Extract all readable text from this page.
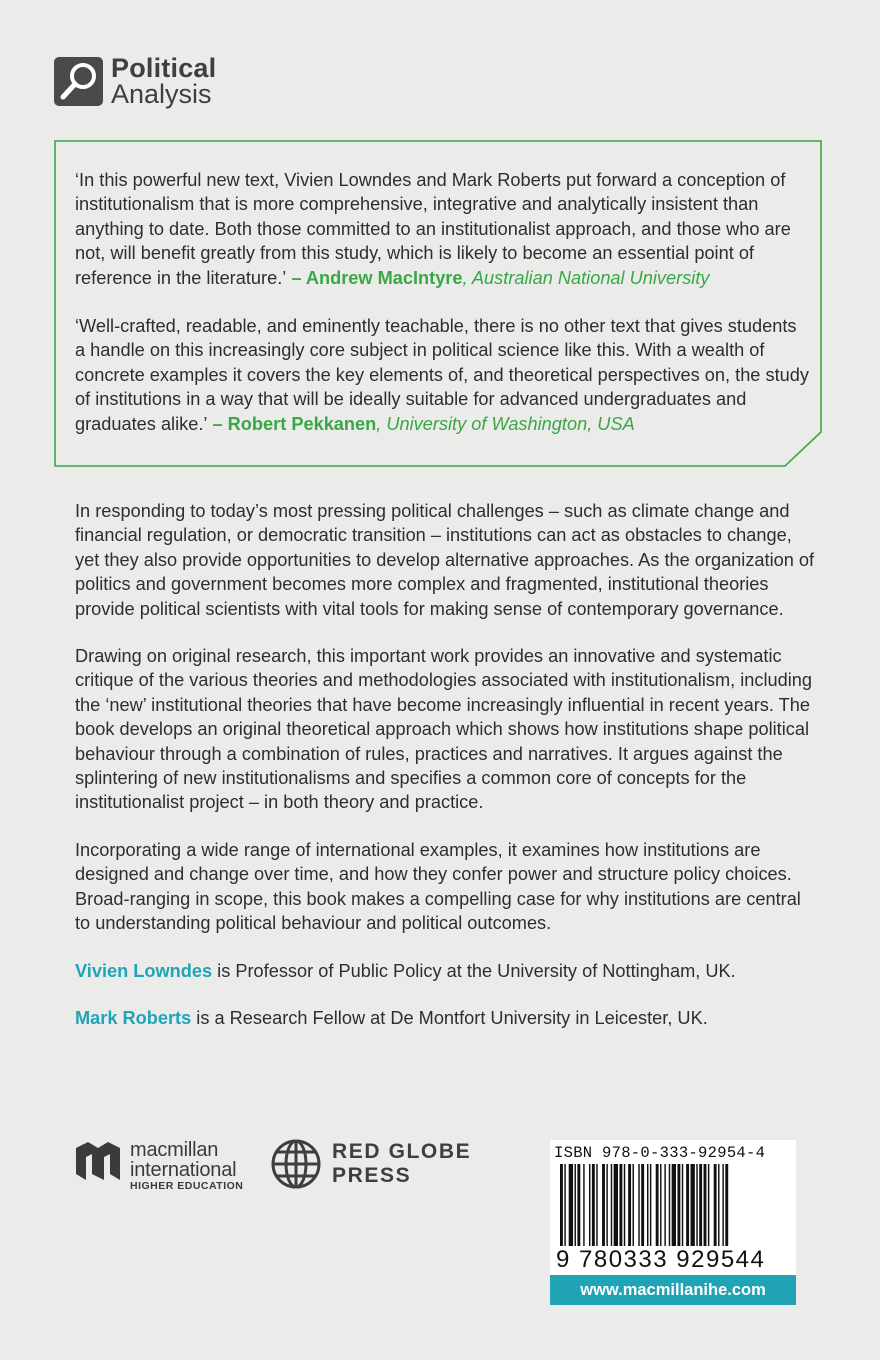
Political
Analysis

‘In this powerful new text, Vivien Lowndes and Mark Roberts put forward a conception of institutionalism that is more comprehensive, integrative and analytically insistent than anything to date. Both those committed to an institutionalist approach, and those who are not, will benefit greatly from this study, which is likely to become an essential point of reference in the literature.’ – Andrew MacIntyre, Australian National University

‘Well-crafted, readable, and eminently teachable, there is no other text that gives students a handle on this increasingly core subject in political science like this. With a wealth of concrete examples it covers the key elements of, and theoretical perspectives on, the study of institutions in a way that will be ideally suitable for advanced undergraduates and graduates alike.’ – Robert Pekkanen, University of Washington, USA

In responding to today’s most pressing political challenges – such as climate change and financial regulation, or democratic transition – institutions can act as obstacles to change, yet they also provide opportunities to develop alternative approaches. As the organization of politics and government becomes more complex and fragmented, institutional theories provide political scientists with vital tools for making sense of contemporary governance.

Drawing on original research, this important work provides an innovative and systematic critique of the various theories and methodologies associated with institutionalism, including the ‘new’ institutional theories that have become increasingly influential in recent years. The book develops an original theoretical approach which shows how institutions shape political behaviour through a combination of rules, practices and narratives. It argues against the splintering of new institutionalisms and specifies a common core of concepts for the institutionalist project – in both theory and practice.

Incorporating a wide range of international examples, it examines how institutions are designed and change over time, and how they confer power and structure policy choices. Broad-ranging in scope, this book makes a compelling case for why institutions are central to understanding political behaviour and political outcomes.

Vivien Lowndes is Professor of Public Policy at the University of Nottingham, UK.

Mark Roberts is a Research Fellow at De Montfort University in Leicester, UK.

macmillan
international
HIGHER EDUCATION
RED GLOBE
PRESS
ISBN 978-0-333-92954-4
9 780333 929544
www.macmillanihe.com
